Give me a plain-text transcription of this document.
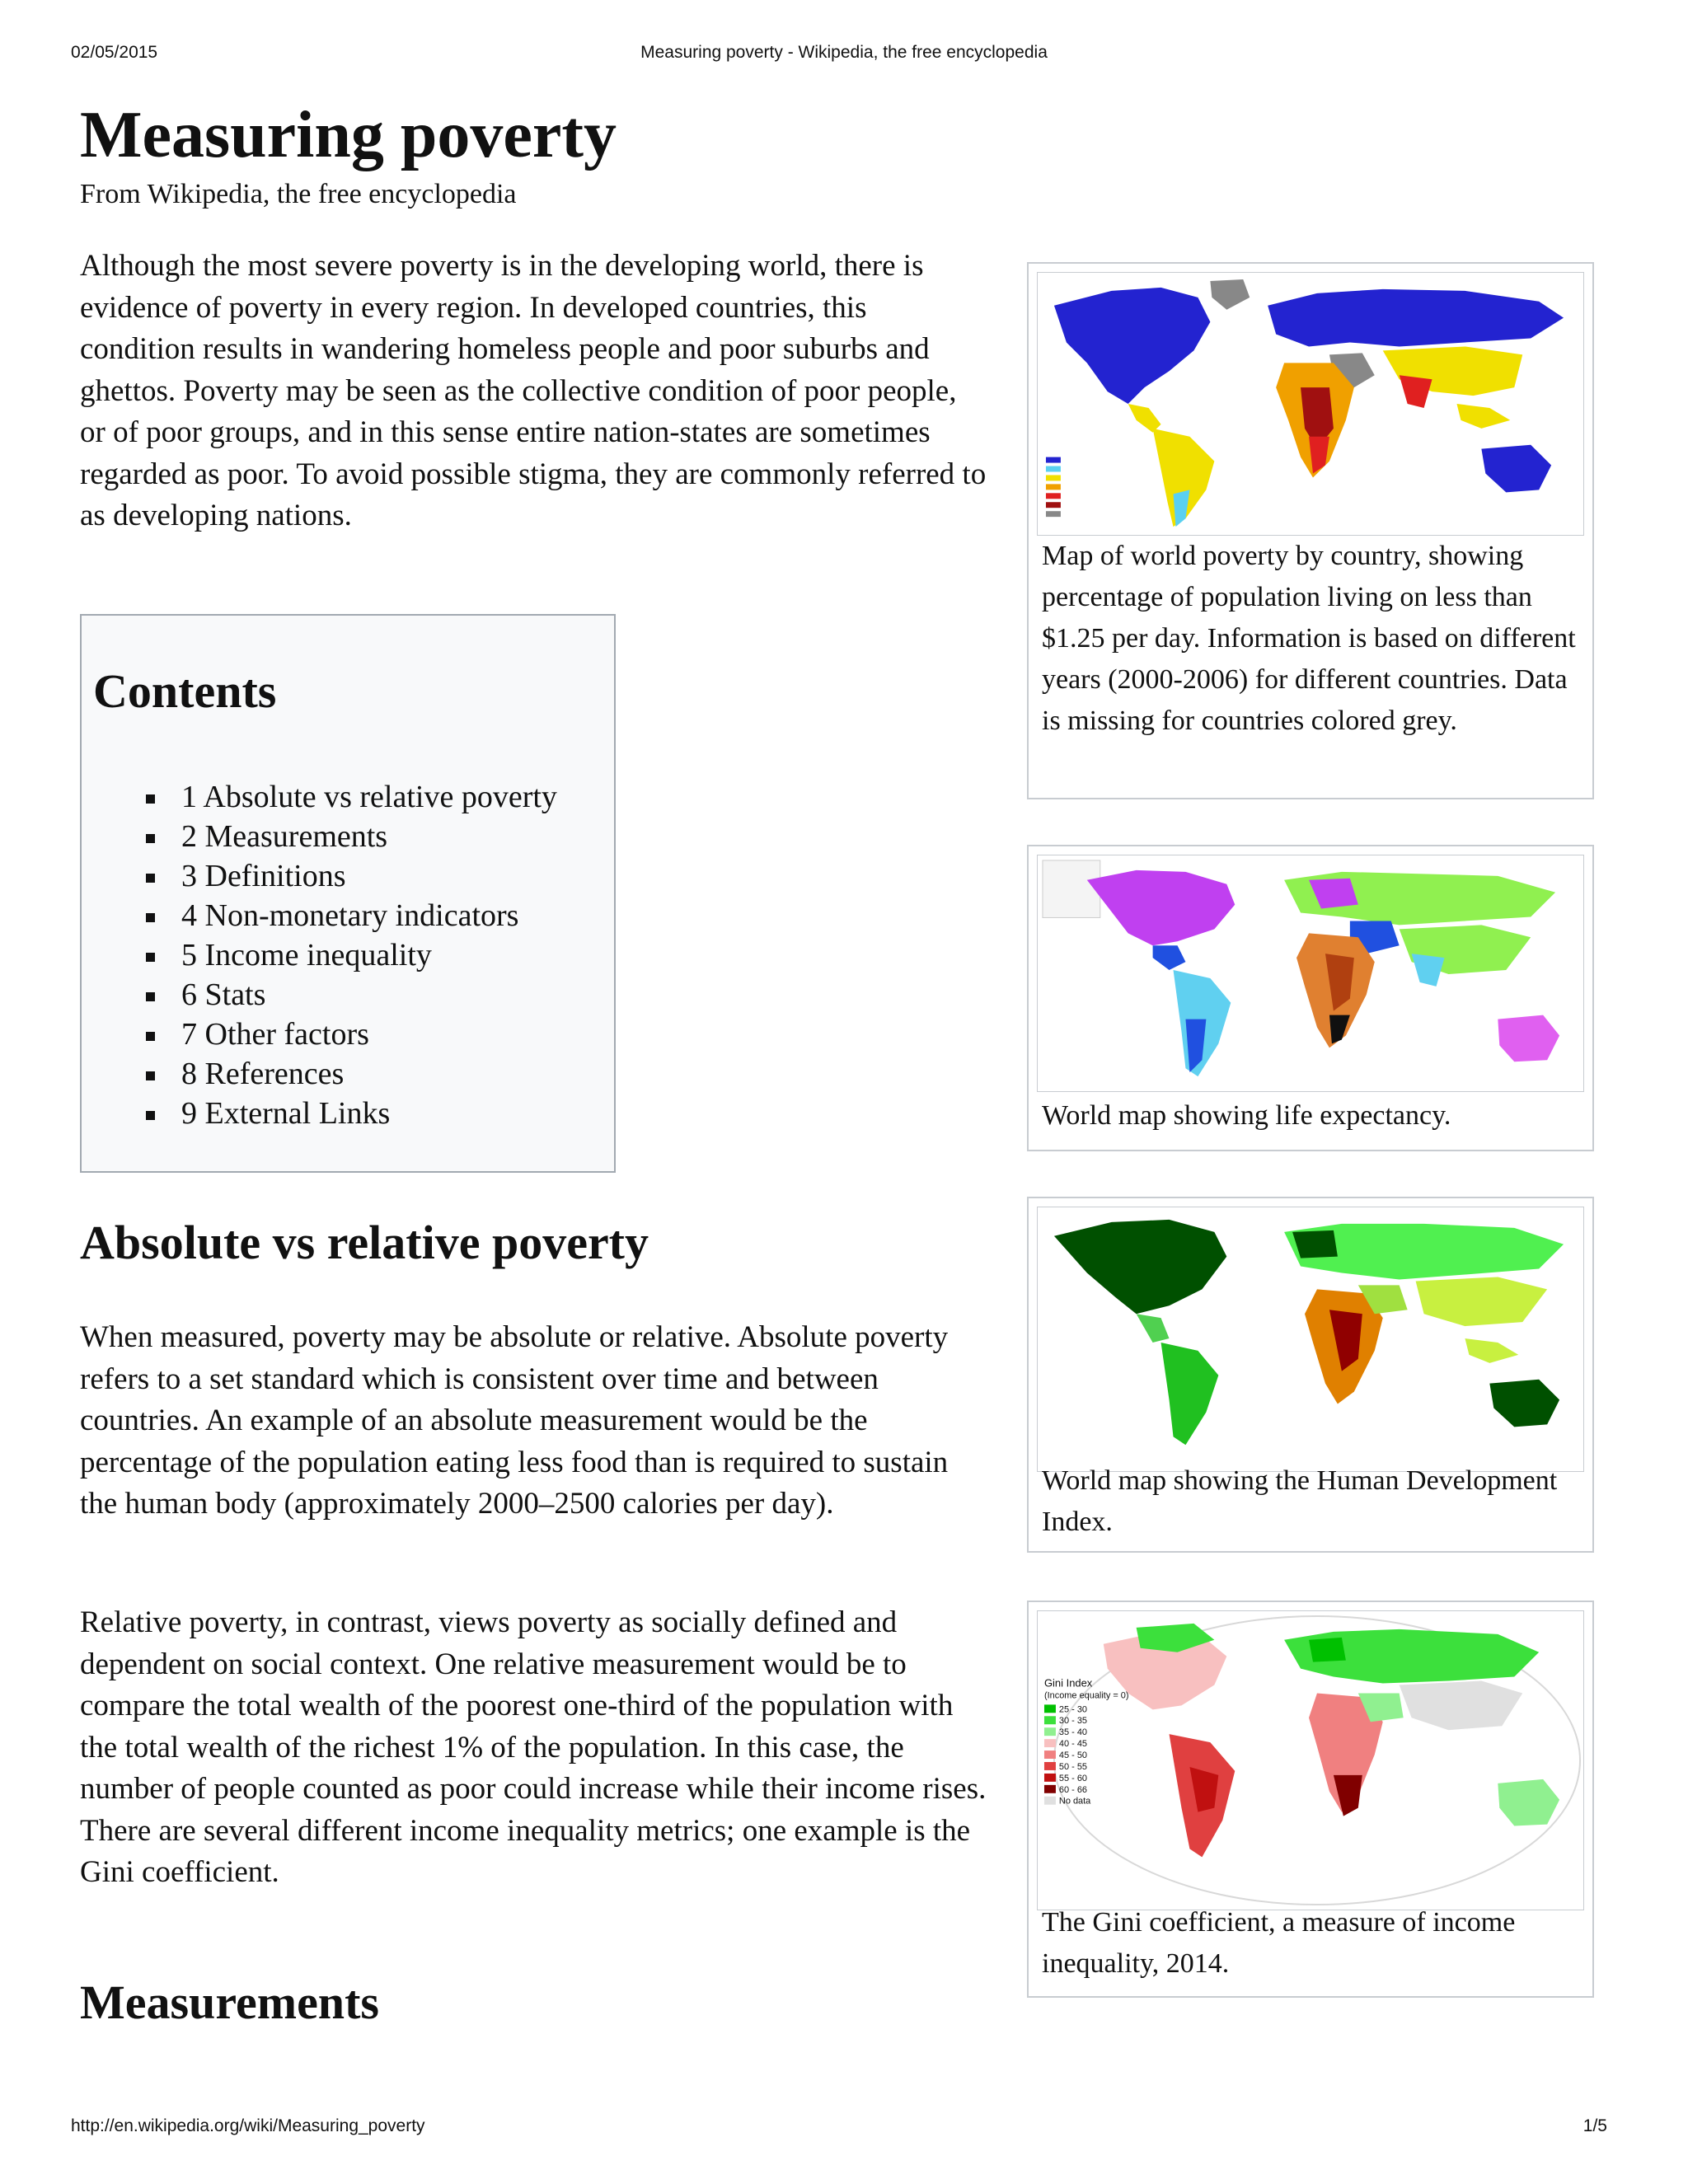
02/05/2015	Measuring poverty - Wikipedia, the free encyclopedia
Measuring poverty

From Wikipedia, the free encyclopedia

Although the most severe poverty is in the developing world, there is evidence of poverty in every region. In developed countries, this condition results in wandering homeless people and poor suburbs and ghettos. Poverty may be seen as the collective condition of poor people, or of poor groups, and in this sense entire nation-states are sometimes regarded as poor. To avoid possible stigma, they are commonly referred to as developing nations.

Contents
1 Absolute vs relative poverty
2 Measurements
3 Definitions
4 Non-monetary indicators
5 Income inequality
6 Stats
7 Other factors
8 References
9 External Links
Absolute vs relative poverty

When measured, poverty may be absolute or relative. Absolute poverty refers to a set standard which is consistent over time and between countries. An example of an absolute measurement would be the percentage of the population eating less food than is required to sustain the human body (approximately 2000–2500 calories per day).

Relative poverty, in contrast, views poverty as socially defined and dependent on social context. One relative measurement would be to compare the total wealth of the poorest one-third of the population with the total wealth of the richest 1% of the population. In this case, the number of people counted as poor could increase while their income rises. There are several different income inequality metrics; one example is the Gini coefficient.

Measurements

Map of world poverty by country, showing percentage of population living on less than $1.25 per day. Information is based on different years (2000-2006) for different countries. Data is missing for countries colored grey.

World map showing life expectancy.

World map showing the Human Development Index.

Gini Index
(Income equality = 0)
25 - 30
30 - 35
35 - 40
40 - 45
45 - 50
50 - 55
55 - 60
60 - 66
No data

The Gini coefficient, a measure of income inequality, 2014.

http://en.wikipedia.org/wiki/Measuring_poverty	1/5
